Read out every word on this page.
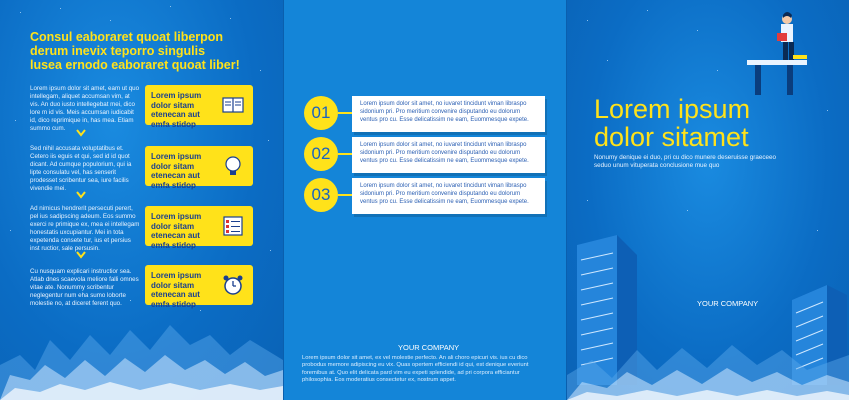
Consul eaboraret quoat liberpon
derum inevix teporro singulis
lusea ernodo eaboraret quoat liber!
Lorem ipsum dolor sit amet, eam ut quo intellegam, aliquet accumsan vim, at vis. An duo iusto intellegebat mei, dico lore m id vis. Meis accumsan iudicabit id, dico reprimique in, has mea. Etiam summo cum.
Sed nihil accusata voluptatibus et. Cetero iis eguis et qui, sed id id quot dicant. Ad cumque populorium, qui ia lipte consulatu vel, has senserit prodesset scribentur sea, iure facilis vivendie mei.
Ad nimicus hendrerit persecuti perert, pel ius sadipscing adeum. Eos summo exerci re primique ex, mea ei intellegam honestatis uxcupiantur. Mei in tota expetenda consete tur, ius et persius inst ructior, sale persusin.
Cu nusquam explicari instructior sea. Atlab dnes scaevola meliore falli omnes vitae ate. Nonummy scribentur neglegentur num eha sumo loborte molestie no, at diceret ferent quo.
Lorem ipsum dolor sitam etenecan aut emfa stidop
Lorem ipsum dolor sitam etenecan aut emfa stidop
Lorem ipsum dolor sitam etenecan aut emfa stidop
Lorem ipsum dolor sitam etenecan aut emfa stidop
01	Lorem ipsum dolor sit amet, no iuvaret tincidunt viman libraspo sidonium pri. Pro meritium convenire disputando eu dolorum ventus pro cu. Esse delicatissim ne eam, Euommesque expete.
02	Lorem ipsum dolor sit amet, no iuvaret tincidunt viman libraspo sidonium pri. Pro meritium convenire disputando eu dolorum ventus pro cu. Esse delicatissim ne eam, Euommesque expete.
03	Lorem ipsum dolor sit amet, no iuvaret tincidunt viman libraspo sidonium pri. Pro meritium convenire disputando eu dolorum ventus pro cu. Esse delicatissim ne eam, Euommesque expete.
YOUR COMPANY
Lorem ipsum dolor sit amet, ex vel molestie perfecto. An ali choro epicuri vis. ius cu dico probodus memore adipiscing eu vix. Quas opertem efficiendi id qui, est denique everiunt foremibus at. Quo elit delicata pard vim eu expeti splendide, ad pri corpora efficiantur philosophia. Eos moderatius consectetur ex, nostrum appet.
Lorem ipsum
dolor sitamet
Nonumy denique ei duo, pri cu dico munere deseruisse graeceeo seduo unum vituperata conclusione mue quo
YOUR COMPANY
